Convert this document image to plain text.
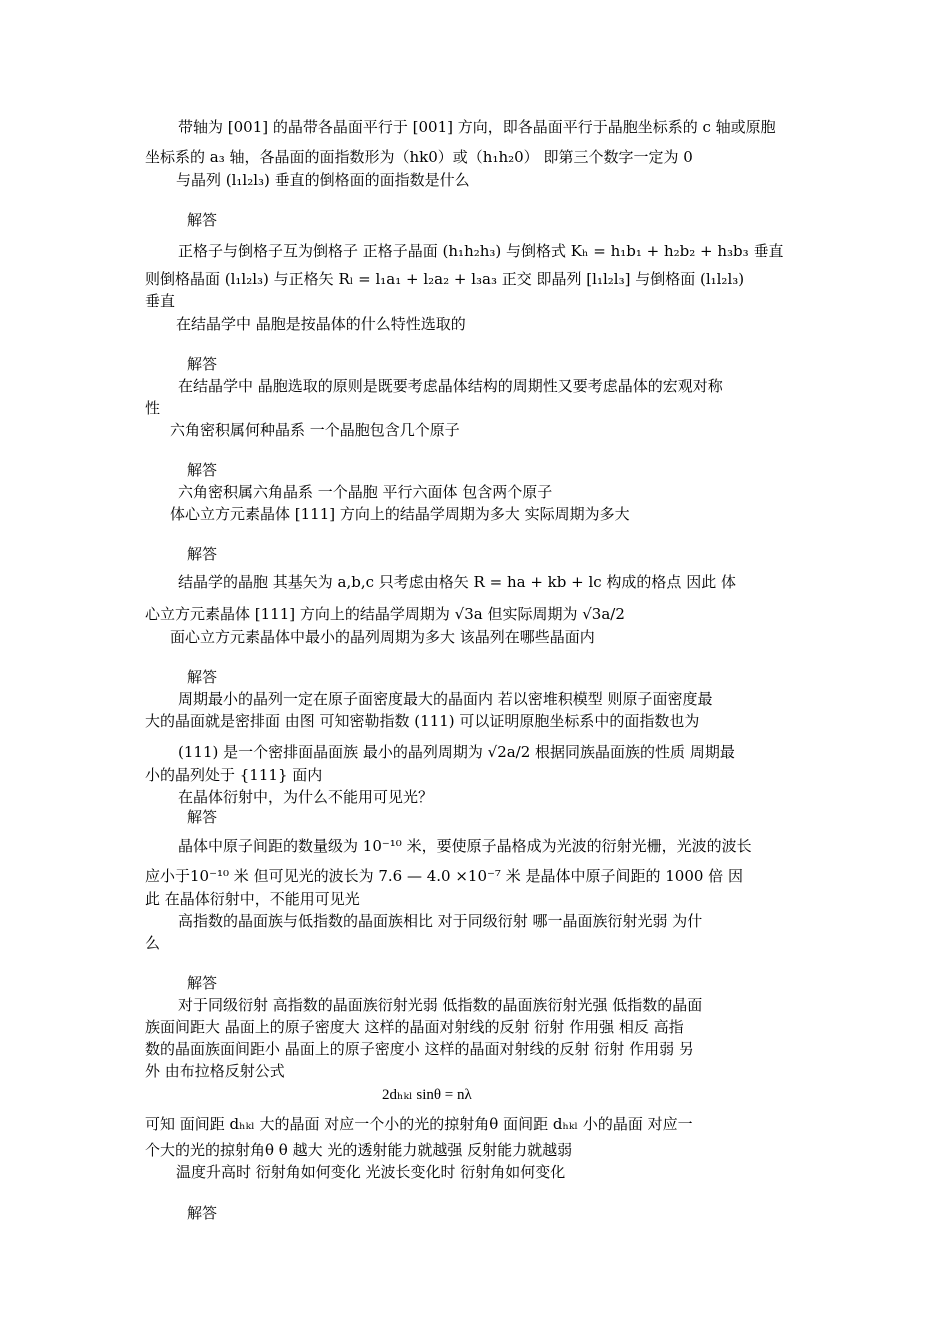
带轴为 [001] 的晶带各晶面平行于 [001] 方向，即各晶面平行于晶胞坐标系的 c 轴或原胞
坐标系的 a₃ 轴，各晶面的面指数形为（hk0）或（h₁h₂0） 即第三个数字一定为 0
与晶列 (l₁l₂l₃) 垂直的倒格面的面指数是什么
解答
正格子与倒格子互为倒格子 正格子晶面 (h₁h₂h₃) 与倒格式 Kₕ = h₁b₁ + h₂b₂ + h₃b₃ 垂直
则倒格晶面 (l₁l₂l₃) 与正格矢 Rₗ = l₁a₁ + l₂a₂ + l₃a₃ 正交 即晶列 [l₁l₂l₃] 与倒格面 (l₁l₂l₃)
垂直
在结晶学中 晶胞是按晶体的什么特性选取的
解答
在结晶学中 晶胞选取的原则是既要考虑晶体结构的周期性又要考虑晶体的宏观对称
性
六角密积属何种晶系 一个晶胞包含几个原子
解答
六角密积属六角晶系 一个晶胞 平行六面体 包含两个原子
体心立方元素晶体 [111] 方向上的结晶学周期为多大 实际周期为多大
解答
结晶学的晶胞 其基矢为 a,b,c 只考虑由格矢 R = ha + kb + lc 构成的格点 因此 体
心立方元素晶体 [111] 方向上的结晶学周期为 √3a 但实际周期为 √3a/2
面心立方元素晶体中最小的晶列周期为多大 该晶列在哪些晶面内
解答
周期最小的晶列一定在原子面密度最大的晶面内 若以密堆积模型 则原子面密度最
大的晶面就是密排面 由图 可知密勒指数 (111) 可以证明原胞坐标系中的面指数也为
(111) 是一个密排面晶面族 最小的晶列周期为 √2a/2 根据同族晶面族的性质 周期最
小的晶列处于 {111} 面内
在晶体衍射中，为什么不能用可见光？
解答
晶体中原子间距的数量级为 10⁻¹⁰ 米，要使原子晶格成为光波的衍射光栅，光波的波长
应小于10⁻¹⁰ 米 但可见光的波长为 7.6 — 4.0 ×10⁻⁷ 米 是晶体中原子间距的 1000 倍 因
此 在晶体衍射中，不能用可见光
高指数的晶面族与低指数的晶面族相比 对于同级衍射 哪一晶面族衍射光弱 为什
么
解答
对于同级衍射 高指数的晶面族衍射光弱 低指数的晶面族衍射光强 低指数的晶面
族面间距大 晶面上的原子密度大 这样的晶面对射线的反射 衍射 作用强 相反 高指
数的晶面族面间距小 晶面上的原子密度小 这样的晶面对射线的反射 衍射 作用弱 另
外 由布拉格反射公式
2dₕₖₗ sinθ = nλ
可知 面间距 dₕₖₗ 大的晶面 对应一个小的光的掠射角θ 面间距 dₕₖₗ 小的晶面 对应一
个大的光的掠射角θ θ 越大 光的透射能力就越强 反射能力就越弱
温度升高时 衍射角如何变化 光波长变化时 衍射角如何变化
解答
